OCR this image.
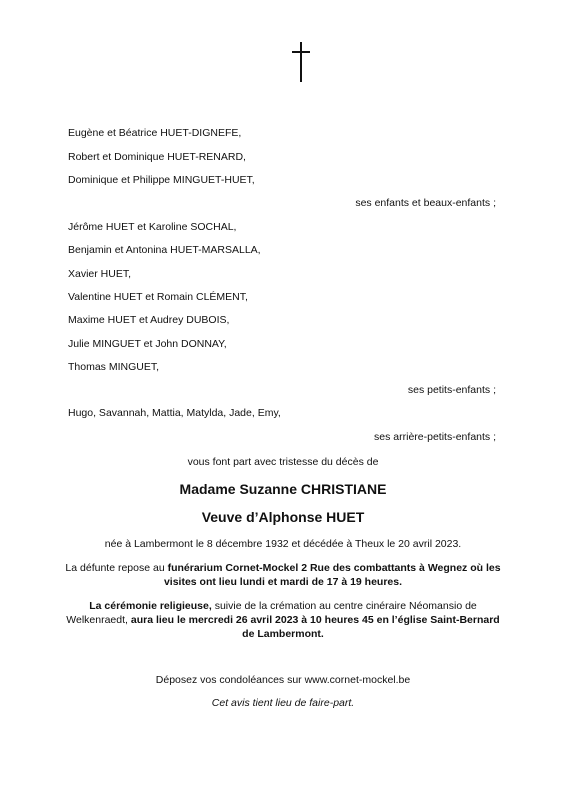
Eugène et Béatrice HUET-DIGNEFE,
Robert et Dominique HUET-RENARD,
Dominique et Philippe MINGUET-HUET,
ses enfants et beaux-enfants ;
Jérôme HUET et Karoline SOCHAL,
Benjamin et Antonina HUET-MARSALLA,
Xavier HUET,
Valentine HUET et Romain CLÉMENT,
Maxime HUET et Audrey DUBOIS,
Julie MINGUET et John DONNAY,
Thomas MINGUET,
ses petits-enfants ;
Hugo, Savannah, Mattia, Matylda, Jade, Emy,
ses arrière-petits-enfants ;
vous font part avec tristesse du décès de
Madame Suzanne CHRISTIANE
Veuve d’Alphonse HUET
née à Lambermont le 8 décembre 1932 et décédée à Theux le 20 avril 2023.
La défunte repose au funérarium Cornet-Mockel 2 Rue des combattants à Wegnez où les visites ont lieu lundi et mardi de 17 à 19 heures.
La cérémonie religieuse, suivie de la crémation au centre cinéraire Néomansio de Welkenraedt, aura lieu le mercredi 26 avril 2023 à 10 heures 45 en l’église Saint-Bernard de Lambermont.
Déposez vos condoléances sur www.cornet-mockel.be
Cet avis tient lieu de faire-part.
